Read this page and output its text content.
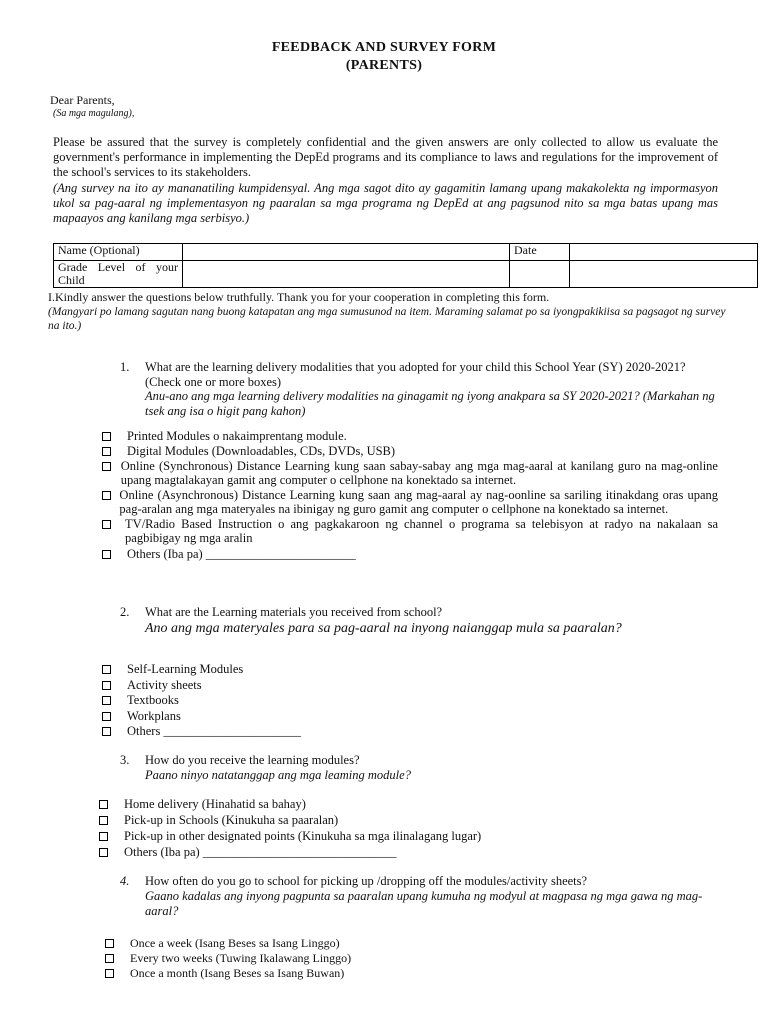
FEEDBACK AND SURVEY FORM
(PARENTS)
Dear Parents,
(Sa mga magulang),
Please be assured that the survey is completely confidential and the given answers are only collected to allow us evaluate the government's performance in implementing the DepEd programs and its compliance to laws and regulations for the improvement of the school's services to its stakeholders.
(Ang survey na ito ay mananatiling kumpidensyal. Ang mga sagot dito ay gagamitin lamang upang makakolekta ng impormasyon ukol sa pag-aaral ng implementasyon ng paaralan sa mga programa ng DepEd at ang pagsunod nito sa mga batas upang mas mapaayos ang kanilang mga serbisyo.)
Name (Optional)		Date	
Grade Level of your Child			
I.Kindly answer the questions below truthfully. Thank you for your cooperation in completing this form.
(Mangyari po lamang sagutan nang buong katapatan ang mga sumusunod na item. Maraming salamat po sa iyongpakikiisa sa pagsagot ng survey na ito.)
1. What are the learning delivery modalities that you adopted for your child this School Year (SY) 2020-2021? (Check one or more boxes)
Anu-ano ang mga learning delivery modalities na ginagamit ng iyong anakpara sa SY 2020-2021? (Markahan ng tsek ang isa o higit pang kahon)
Printed Modules o nakaimprentang module.
Digital Modules (Downloadables, CDs, DVDs, USB)
Online (Synchronous) Distance Learning kung saan sabay-sabay ang mga mag-aaral at kanilang guro na mag-online upang magtalakayan gamit ang computer o cellphone na konektado sa internet.
Online (Asynchronous) Distance Learning kung saan ang mag-aaral ay nag-oonline sa sariling itinakdang oras upang pag-aralan ang mga materyales na ibinigay ng guro gamit ang computer o cellphone na konektado sa internet.
TV/Radio Based Instruction o ang pagkakaroon ng channel o programa sa telebisyon at radyo na nakalaan sa pagbibigay ng mga aralin
Others (Iba pa) ________________________
2. What are the Learning materials you received from school?
Ano ang mga materyales para sa pag-aaral na inyong naianggap mula sa paaralan?
Self-Learning Modules
Activity sheets
Textbooks
Workplans
Others ______________________
3. How do you receive the learning modules?
Paano ninyo natatanggap ang mga leaming module?
Home delivery (Hinahatid sa bahay)
Pick-up in Schools (Kinukuha sa paaralan)
Pick-up in other designated points (Kinukuha sa mga ilinalagang lugar)
Others (Iba pa) _______________________________
4. How often do you go to school for picking up /dropping off the modules/activity sheets?
Gaano kadalas ang inyong pagpunta sa paaralan upang kumuha ng modyul at magpasa ng mga gawa ng mag-aaral?
Once a week (Isang Beses sa Isang Linggo)
Every two weeks (Tuwing Ikalawang Linggo)
Once a month (Isang Beses sa Isang Buwan)
